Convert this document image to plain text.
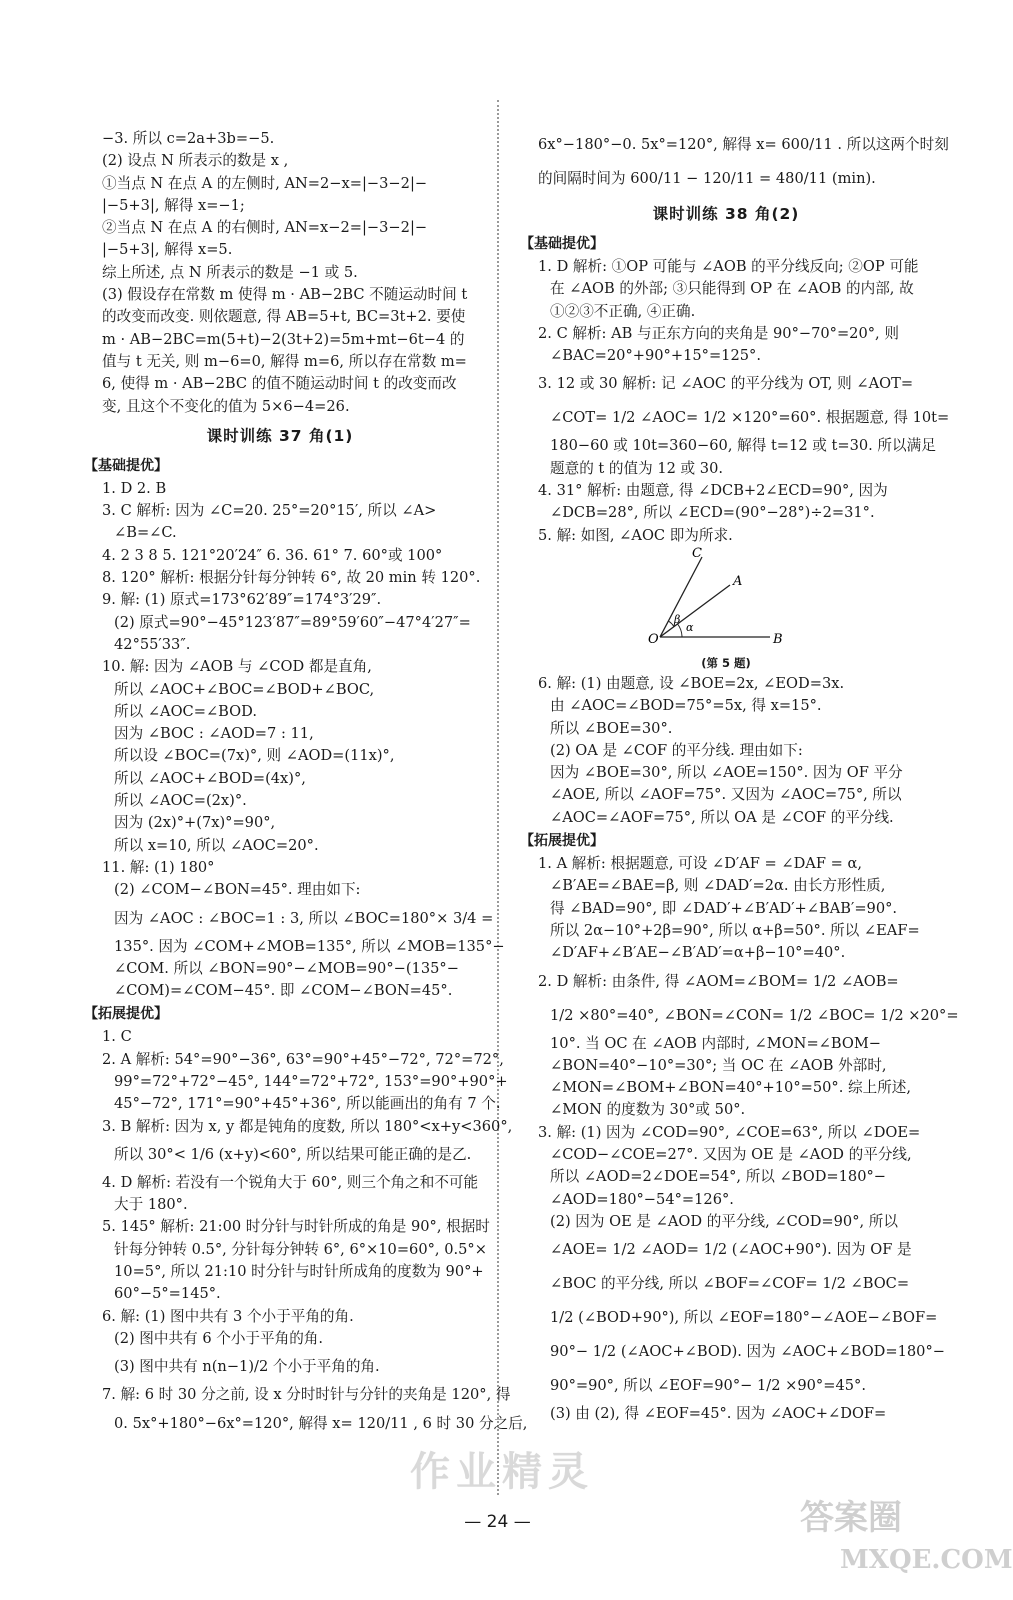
−3. 所以 c=2a+3b=−5.
(2) 设点 N 所表示的数是 x ,
①当点 N 在点 A 的左侧时, AN=2−x=|−3−2|−
|−5+3|, 解得 x=−1;
②当点 N 在点 A 的右侧时, AN=x−2=|−3−2|−
|−5+3|, 解得 x=5.
综上所述, 点 N 所表示的数是 −1 或 5.
(3) 假设存在常数 m 使得 m · AB−2BC 不随运动时间 t
的改变而改变. 则依题意, 得 AB=5+t, BC=3t+2. 要使
m · AB−2BC=m(5+t)−2(3t+2)=5m+mt−6t−4 的
值与 t 无关, 则 m−6=0, 解得 m=6, 所以存在常数 m=
6, 使得 m · AB−2BC 的值不随运动时间 t 的改变而改
变, 且这个不变化的值为 5×6−4=26.
课时训练 37 角(1)
【基础提优】
1. D 2. B
3. C 解析: 因为 ∠C=20. 25°=20°15′, 所以 ∠A>
∠B=∠C.
4. 2 3 8 5. 121°20′24″ 6. 36. 61° 7. 60°或 100°
8. 120° 解析: 根据分针每分钟转 6°, 故 20 min 转 120°.
9. 解: (1) 原式=173°62′89″=174°3′29″.
(2) 原式=90°−45°123′87″=89°59′60″−47°4′27″=
42°55′33″.
10. 解: 因为 ∠AOB 与 ∠COD 都是直角,
所以 ∠AOC+∠BOC=∠BOD+∠BOC,
所以 ∠AOC=∠BOD.
因为 ∠BOC : ∠AOD=7 : 11,
所以设 ∠BOC=(7x)°, 则 ∠AOD=(11x)°,
所以 ∠AOC+∠BOD=(4x)°,
所以 ∠AOC=(2x)°.
因为 (2x)°+(7x)°=90°,
所以 x=10, 所以 ∠AOC=20°.
11. 解: (1) 180°
(2) ∠COM−∠BON=45°. 理由如下:
因为 ∠AOC : ∠BOC=1 : 3, 所以 ∠BOC=180°× 3/4 =
135°. 因为 ∠COM+∠MOB=135°, 所以 ∠MOB=135°−
∠COM. 所以 ∠BON=90°−∠MOB=90°−(135°−
∠COM)=∠COM−45°. 即 ∠COM−∠BON=45°.
【拓展提优】
1. C
2. A 解析: 54°=90°−36°, 63°=90°+45°−72°, 72°=72°,
99°=72°+72°−45°, 144°=72°+72°, 153°=90°+90°+
45°−72°, 171°=90°+45°+36°, 所以能画出的角有 7 个.
3. B 解析: 因为 x, y 都是钝角的度数, 所以 180°<x+y<360°,
所以 30°< 1/6 (x+y)<60°, 所以结果可能正确的是乙.
4. D 解析: 若没有一个锐角大于 60°, 则三个角之和不可能
大于 180°.
5. 145° 解析: 21:00 时分针与时针所成的角是 90°, 根据时
针每分钟转 0.5°, 分针每分钟转 6°, 6°×10=60°, 0.5°×
10=5°, 所以 21:10 时分针与时针所成角的度数为 90°+
60°−5°=145°.
6. 解: (1) 图中共有 3 个小于平角的角.
(2) 图中共有 6 个小于平角的角.
(3) 图中共有 n(n−1)/2 个小于平角的角.
7. 解: 6 时 30 分之前, 设 x 分时时针与分针的夹角是 120°, 得
0. 5x°+180°−6x°=120°, 解得 x= 120/11 , 6 时 30 分之后,
6x°−180°−0. 5x°=120°, 解得 x= 600/11 . 所以这两个时刻
的间隔时间为 600/11 − 120/11 = 480/11 (min).
课时训练 38 角(2)
【基础提优】
1. D 解析: ①OP 可能与 ∠AOB 的平分线反向; ②OP 可能
在 ∠AOB 的外部; ③只能得到 OP 在 ∠AOB 的内部, 故
①②③不正确, ④正确.
2. C 解析: AB 与正东方向的夹角是 90°−70°=20°, 则
∠BAC=20°+90°+15°=125°.
3. 12 或 30 解析: 记 ∠AOC 的平分线为 OT, 则 ∠AOT=
∠COT= 1/2 ∠AOC= 1/2 ×120°=60°. 根据题意, 得 10t=
180−60 或 10t=360−60, 解得 t=12 或 t=30. 所以满足
题意的 t 的值为 12 或 30.
4. 31° 解析: 由题意, 得 ∠DCB+2∠ECD=90°, 因为
∠DCB=28°, 所以 ∠ECD=(90°−28°)÷2=31°.
5. 解: 如图, ∠AOC 即为所求.
O	B
A
C
α
β
(第 5 题)
6. 解: (1) 由题意, 设 ∠BOE=2x, ∠EOD=3x.
由 ∠AOC=∠BOD=75°=5x, 得 x=15°.
所以 ∠BOE=30°.
(2) OA 是 ∠COF 的平分线. 理由如下:
因为 ∠BOE=30°, 所以 ∠AOE=150°. 因为 OF 平分
∠AOE, 所以 ∠AOF=75°. 又因为 ∠AOC=75°, 所以
∠AOC=∠AOF=75°, 所以 OA 是 ∠COF 的平分线.
【拓展提优】
1. A 解析: 根据题意, 可设 ∠D′AF = ∠DAF = α,
∠B′AE=∠BAE=β, 则 ∠DAD′=2α. 由长方形性质,
得 ∠BAD=90°, 即 ∠DAD′+∠B′AD′+∠BAB′=90°.
所以 2α−10°+2β=90°, 所以 α+β=50°. 所以 ∠EAF=
∠D′AF+∠B′AE−∠B′AD′=α+β−10°=40°.
2. D 解析: 由条件, 得 ∠AOM=∠BOM= 1/2 ∠AOB=
1/2 ×80°=40°, ∠BON=∠CON= 1/2 ∠BOC= 1/2 ×20°=
10°. 当 OC 在 ∠AOB 内部时, ∠MON=∠BOM−
∠BON=40°−10°=30°; 当 OC 在 ∠AOB 外部时,
∠MON=∠BOM+∠BON=40°+10°=50°. 综上所述,
∠MON 的度数为 30°或 50°.
3. 解: (1) 因为 ∠COD=90°, ∠COE=63°, 所以 ∠DOE=
∠COD−∠COE=27°. 又因为 OE 是 ∠AOD 的平分线,
所以 ∠AOD=2∠DOE=54°, 所以 ∠BOD=180°−
∠AOD=180°−54°=126°.
(2) 因为 OE 是 ∠AOD 的平分线, ∠COD=90°, 所以
∠AOE= 1/2 ∠AOD= 1/2 (∠AOC+90°). 因为 OF 是
∠BOC 的平分线, 所以 ∠BOF=∠COF= 1/2 ∠BOC=
1/2 (∠BOD+90°), 所以 ∠EOF=180°−∠AOE−∠BOF=
90°− 1/2 (∠AOC+∠BOD). 因为 ∠AOC+∠BOD=180°−
90°=90°, 所以 ∠EOF=90°− 1/2 ×90°=45°.
(3) 由 (2), 得 ∠EOF=45°. 因为 ∠AOC+∠DOF=
— 24 —
作业精灵
答案圈
MXQE.COM
